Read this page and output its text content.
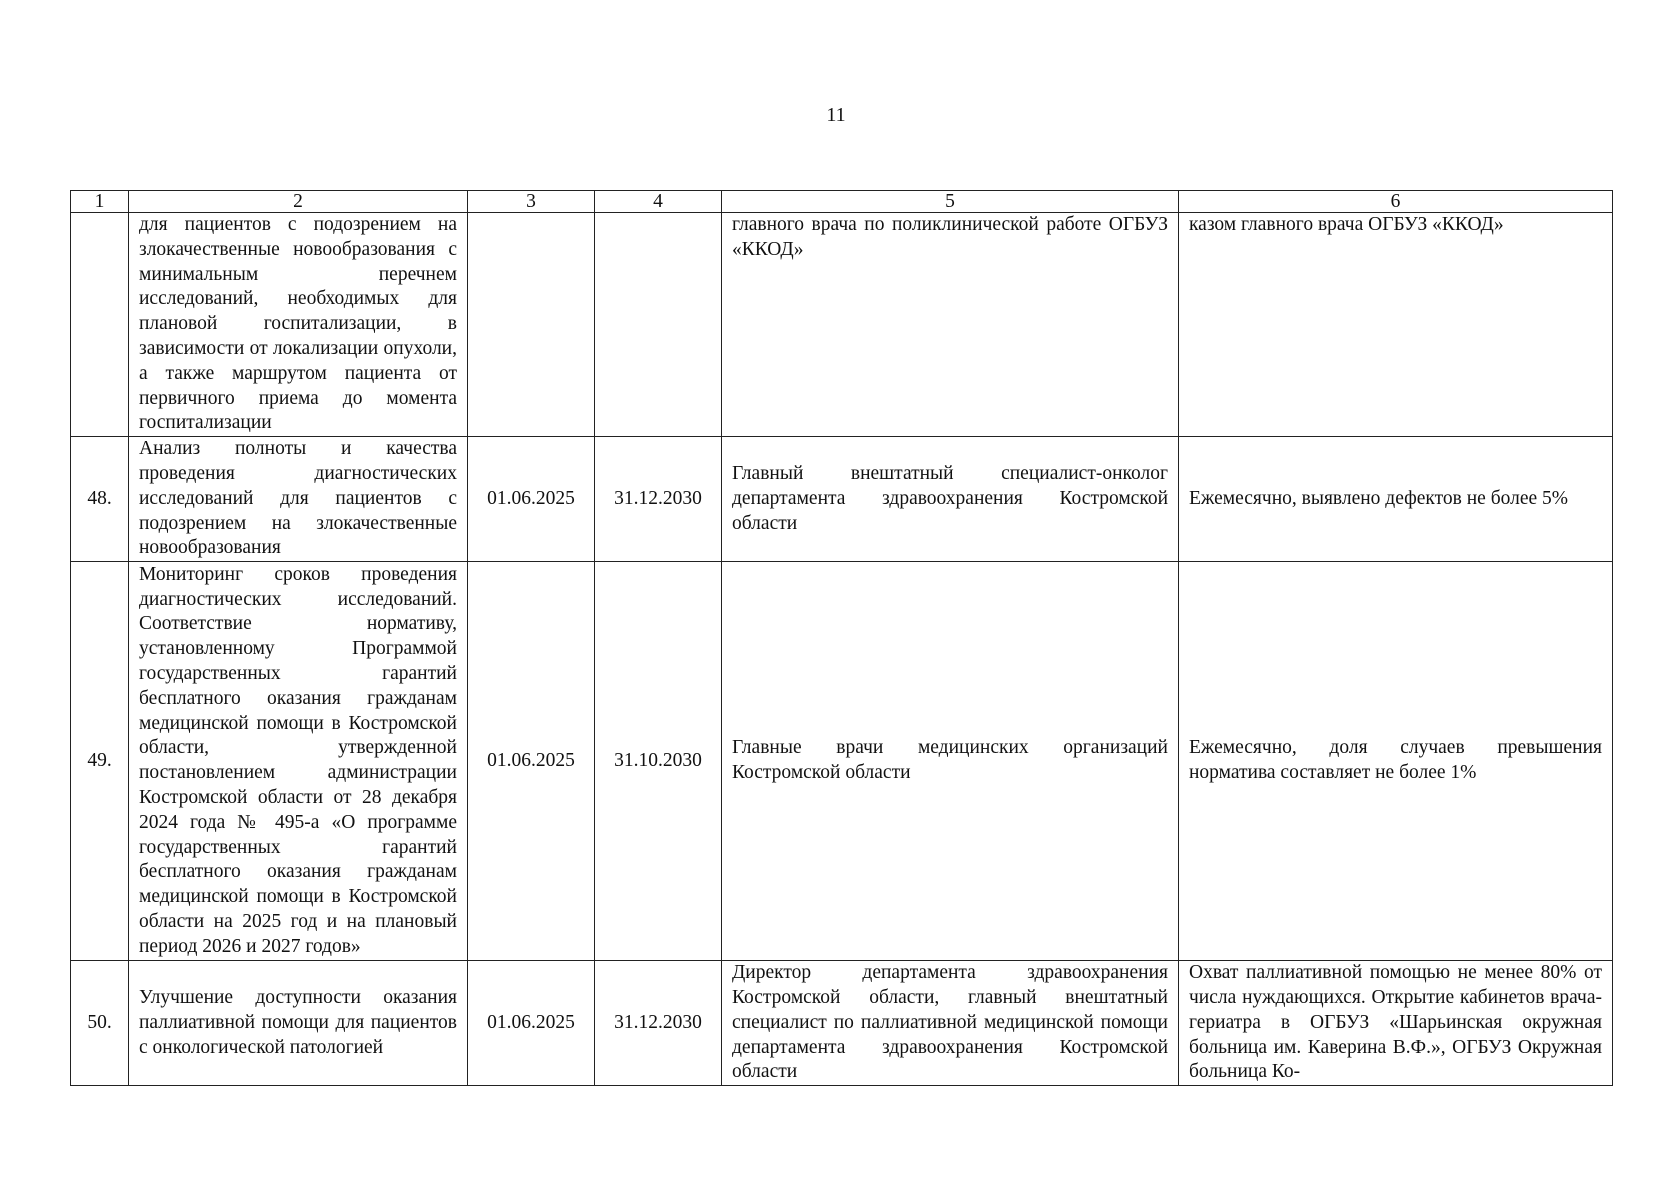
11
1	2	3	4	5	6
	для пациентов с подозрением на злокачественные новообразования с минимальным перечнем исследований, необходимых для плановой госпитализации, в зависимости от локализации опухоли, а также маршрутом пациента от первичного приема до момента госпитализации			главного врача по поликлинической работе ОГБУЗ «ККОД»	казом главного врача ОГБУЗ «ККОД»
48.	Анализ полноты и качества проведения диагностических исследований для пациентов с подозрением на злокачественные новообразования	01.06.2025	31.12.2030	Главный внештатный специалист-онколог департамента здравоохранения Костромской области	Ежемесячно, выявлено дефектов не более 5%
49.	Мониторинг сроков проведения диагностических исследований. Соответствие нормативу, установленному Программой государственных гарантий бесплатного оказания гражданам медицинской помощи в Костромской области, утвержденной постановлением администрации Костромской области от 28 декабря 2024 года № 495-а «О программе государственных гарантий бесплатного оказания гражданам медицинской помощи в Костромской области на 2025 год и на плановый период 2026 и 2027 годов»	01.06.2025	31.10.2030	Главные врачи медицинских организаций Костромской области	Ежемесячно, доля случаев превышения норматива составляет не более 1%
50.	Улучшение доступности оказания паллиативной помощи для пациентов с онкологической патологией	01.06.2025	31.12.2030	Директор департамента здравоохранения Костромской области, главный внештатный специалист по паллиативной медицинской помощи департамента здравоохранения Костромской области	Охват паллиативной помощью не менее 80% от числа нуждающихся. Открытие кабинетов врача-гериатра в ОГБУЗ «Шарьинская окружная больница им. Каверина В.Ф.», ОГБУЗ Окружная больница Ко-
